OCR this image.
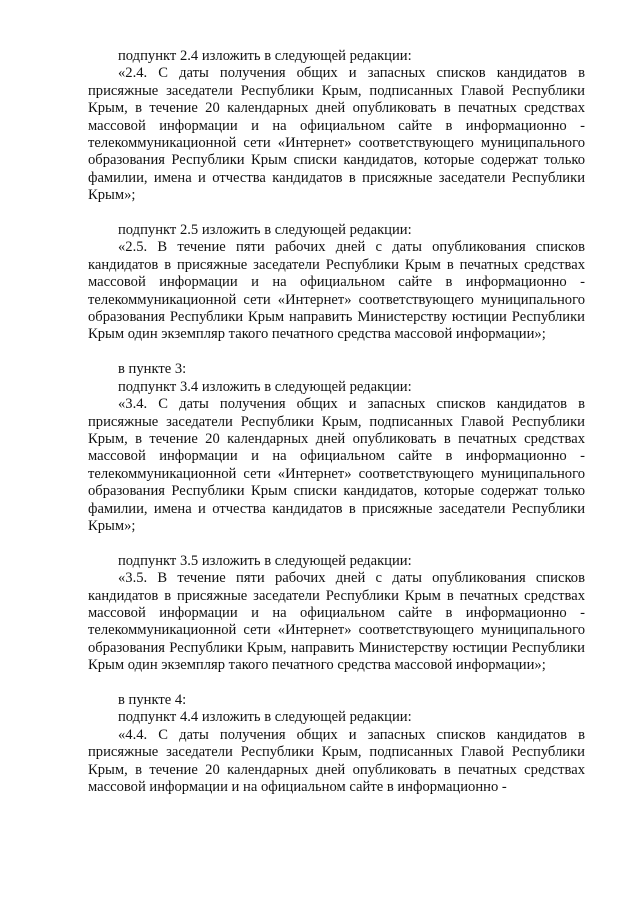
подпункт 2.4 изложить в следующей редакции:

«2.4. С даты получения общих и запасных списков кандидатов в присяжные заседатели Республики Крым, подписанных Главой Республики Крым, в течение 20 календарных дней опубликовать в печатных средствах массовой информации и на официальном сайте в информационно - телекоммуникационной сети «Интернет» соответствующего муниципального образования Республики Крым списки кандидатов, которые содержат только фамилии, имена и отчества кандидатов в присяжные заседатели Республики Крым»;

подпункт 2.5 изложить в следующей редакции:

«2.5. В течение пяти рабочих дней с даты опубликования списков кандидатов в присяжные заседатели Республики Крым в печатных средствах массовой информации и на официальном сайте в информационно - телекоммуникационной сети «Интернет» соответствующего муниципального образования Республики Крым направить Министерству юстиции Республики Крым один экземпляр такого печатного средства массовой информации»;

в пункте 3:

подпункт 3.4 изложить в следующей редакции:

«3.4. С даты получения общих и запасных списков кандидатов в присяжные заседатели Республики Крым, подписанных Главой Республики Крым, в течение 20 календарных дней опубликовать в печатных средствах массовой информации и на официальном сайте в информационно - телекоммуникационной сети «Интернет» соответствующего муниципального образования Республики Крым списки кандидатов, которые содержат только фамилии, имена и отчества кандидатов в присяжные заседатели Республики Крым»;

подпункт 3.5 изложить в следующей редакции:

«3.5. В течение пяти рабочих дней с даты опубликования списков кандидатов в присяжные заседатели Республики Крым в печатных средствах массовой информации и на официальном сайте в информационно - телекоммуникационной сети «Интернет» соответствующего муниципального образования Республики Крым, направить Министерству юстиции Республики Крым один экземпляр такого печатного средства массовой информации»;

в пункте 4:

подпункт 4.4 изложить в следующей редакции:

«4.4. С даты получения общих и запасных списков кандидатов в присяжные заседатели Республики Крым, подписанных Главой Республики Крым, в течение 20 календарных дней опубликовать в печатных средствах массовой информации и на официальном сайте в информационно -
